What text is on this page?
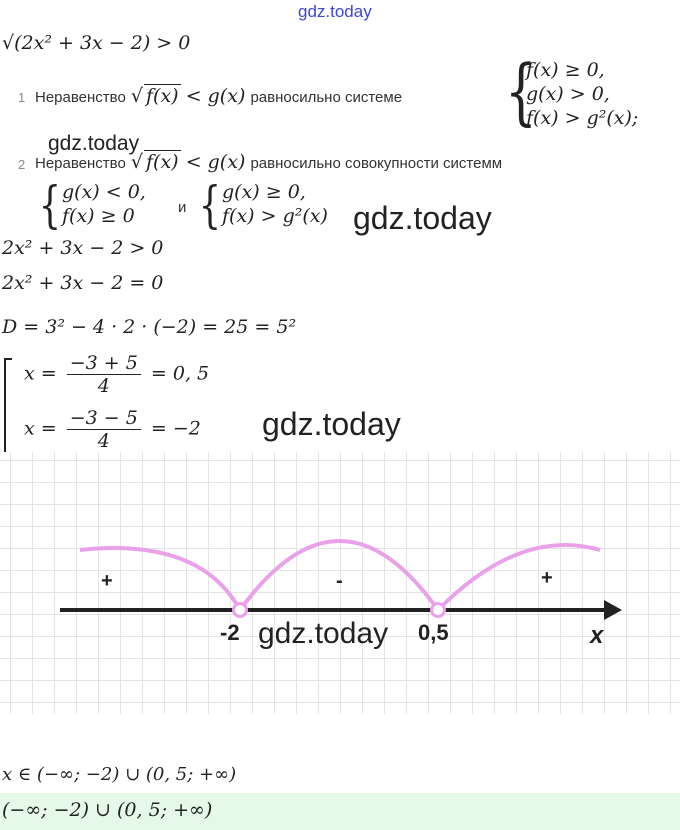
gdz.today
√(2x² + 3x − 2) > 0
1 Неравенство √ f(x) < g(x) равносильно системе {
f(x) ≥ 0,
g(x) > 0,
f(x) > g²(x);
gdz.today
2 Неравенство √ f(x) < g(x) равносильно совокупности системм
{ g(x) < 0,
f(x) ≥ 0	и { g(x) ≥ 0,
f(x) > g²(x) gdz.today
2x² + 3x − 2 > 0
2x² + 3x − 2 = 0
D = 3² − 4 · 2 · (−2) = 25 = 5²
$x = \frac{-3 + 5}{4} = 0$, 5
$x = \frac{-3 - 5}{4} = -2$ gdz.today
+	-	+
-2 gdz.today 0,5	x
x ∈ (−∞; −2) ∪ (0, 5; +∞)
(−∞; −2) ∪ (0, 5; +∞)
